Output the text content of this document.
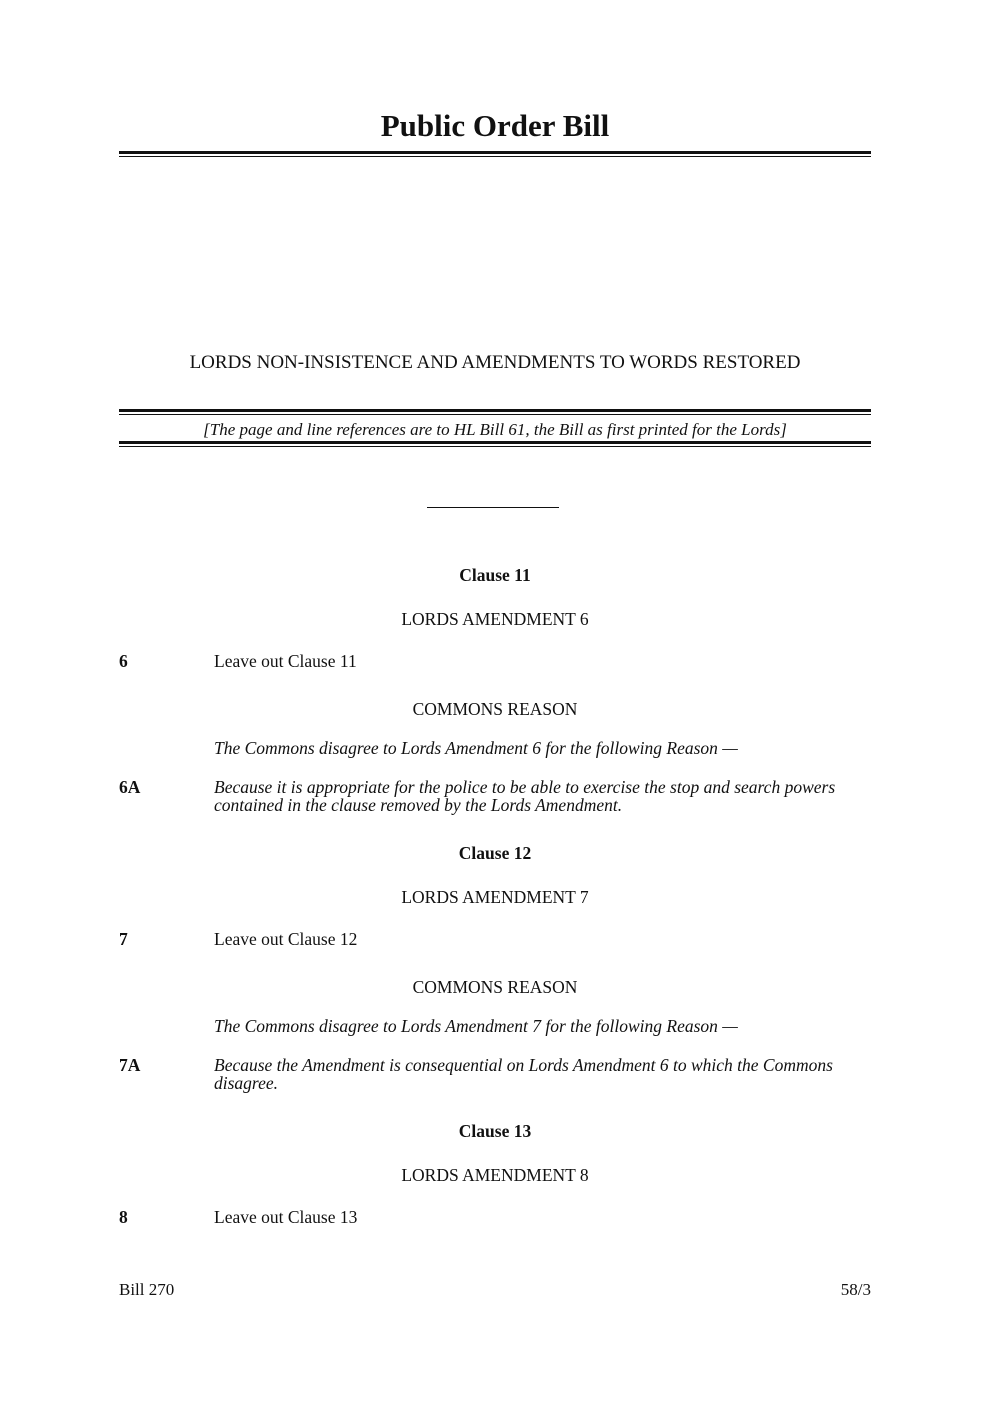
Public Order Bill
LORDS NON-INSISTENCE AND AMENDMENTS TO WORDS RESTORED
[The page and line references are to HL Bill 61, the Bill as first printed for the Lords]
Clause 11
LORDS AMENDMENT 6
6	Leave out Clause 11
COMMONS REASON
The Commons disagree to Lords Amendment 6 for the following Reason —
6A	Because it is appropriate for the police to be able to exercise the stop and search powers contained in the clause removed by the Lords Amendment.
Clause 12
LORDS AMENDMENT 7
7	Leave out Clause 12
COMMONS REASON
The Commons disagree to Lords Amendment 7 for the following Reason —
7A	Because the Amendment is consequential on Lords Amendment 6 to which the Commons disagree.
Clause 13
LORDS AMENDMENT 8
8	Leave out Clause 13
Bill 270	58/3
